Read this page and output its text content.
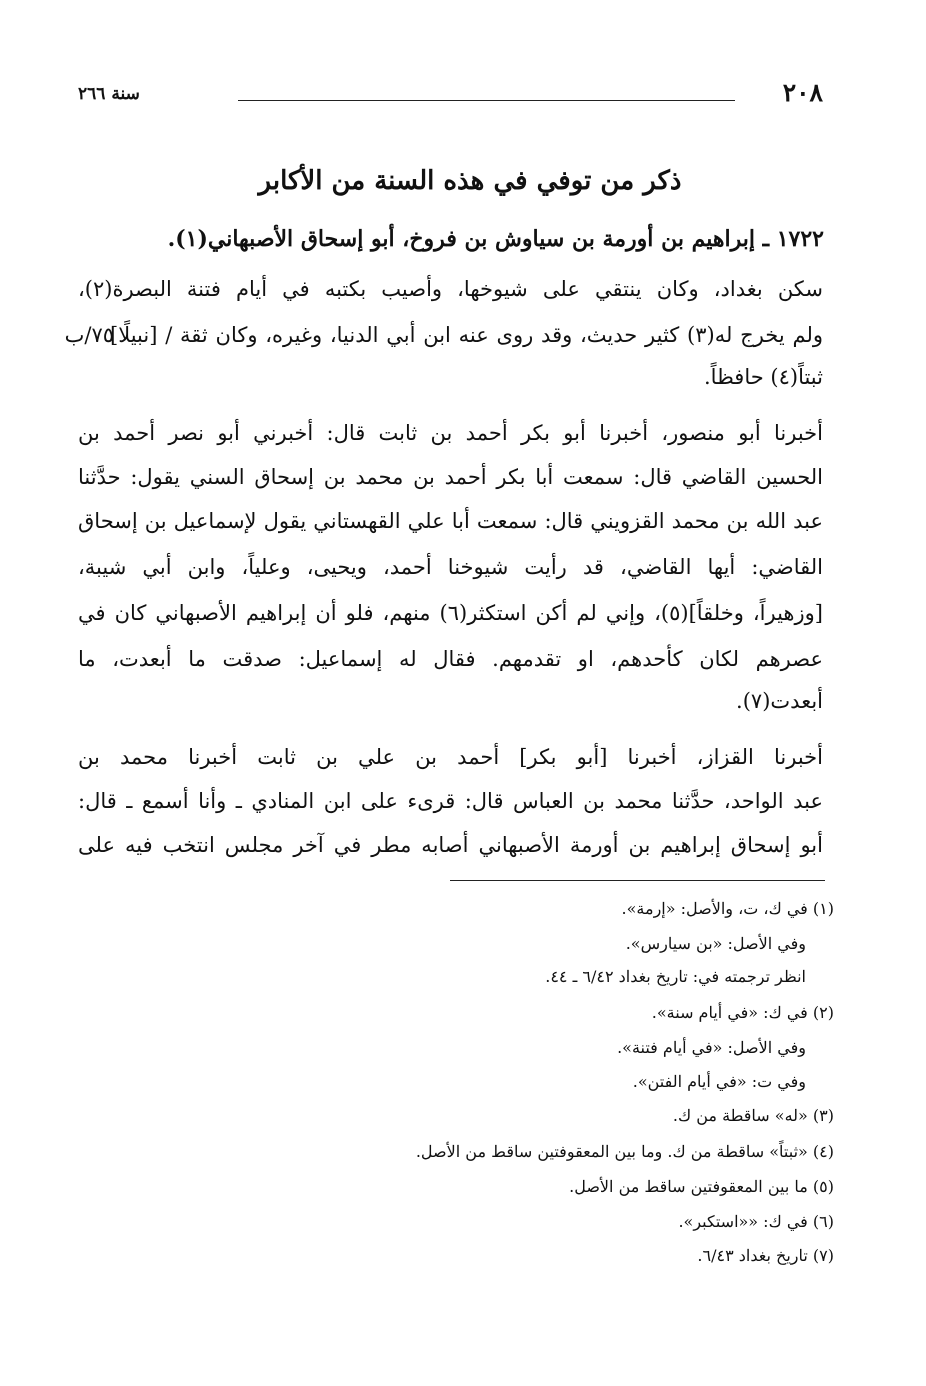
٢٠٨
سنة ٢٦٦
ذكر من توفي في هذه السنة من الأكابر
١٧٢٢ ـ إبراهيم بن أورمة بن سياوش بن فروخ، أبو إسحاق الأصبهاني(١).
سكن بغداد، وكان ينتقي على شيوخها، وأصيب بكتبه في أيام فتنة البصرة(٢)،
ولم يخرج له(٣) كثير حديث، وقد روى عنه ابن أبي الدنيا، وغيره، وكان ثقة / [نبيلًا]
٧٥/ب
ثبتاً(٤) حافظاً.
أخبرنا أبو منصور، أخبرنا أبو بكر أحمد بن ثابت قال: أخبرني أبو نصر أحمد بن
الحسين القاضي قال: سمعت أبا بكر أحمد بن محمد بن إسحاق السني يقول: حدَّثنا
عبد الله بن محمد القزويني قال: سمعت أبا علي القهستاني يقول لإسماعيل بن إسحاق
القاضي: أيها القاضي، قد رأيت شيوخنا أحمد، ويحيى، وعلياً، وابن أبي شيبة،
[وزهيراً، وخلقاً](٥)، وإني لم أكن استكثر(٦) منهم، فلو أن إبراهيم الأصبهاني كان في
عصرهم لكان كأحدهم، او تقدمهم. فقال له إسماعيل: صدقت ما أبعدت، ما
أبعدت(٧).
أخبرنا القزاز، أخبرنا [أبو بكر] أحمد بن علي بن ثابت أخبرنا محمد بن
عبد الواحد، حدَّثنا محمد بن العباس قال: قرىء على ابن المنادي ـ وأنا أسمع ـ قال:
أبو إسحاق إبراهيم بن أورمة الأصبهاني أصابه مطر في آخر مجلس انتخب فيه على
(١) في ك، ت، والأصل: «إرمة».
وفي الأصل: «بن سيارس».
انظر ترجمته في: تاريخ بغداد ٦/٤٢ ـ ٤٤.
(٢) في ك: «في أيام سنة».
وفي الأصل: «في أيام فتنة».
وفي ت: «في أيام الفتن».
(٣) «له» ساقطة من ك.
(٤) «ثبتاً» ساقطة من ك. وما بين المعقوفتين ساقط من الأصل.
(٥) ما بين المعقوفتين ساقط من الأصل.
(٦) في ك: ««استكبر».
(٧) تاريخ بغداد ٦/٤٣.
